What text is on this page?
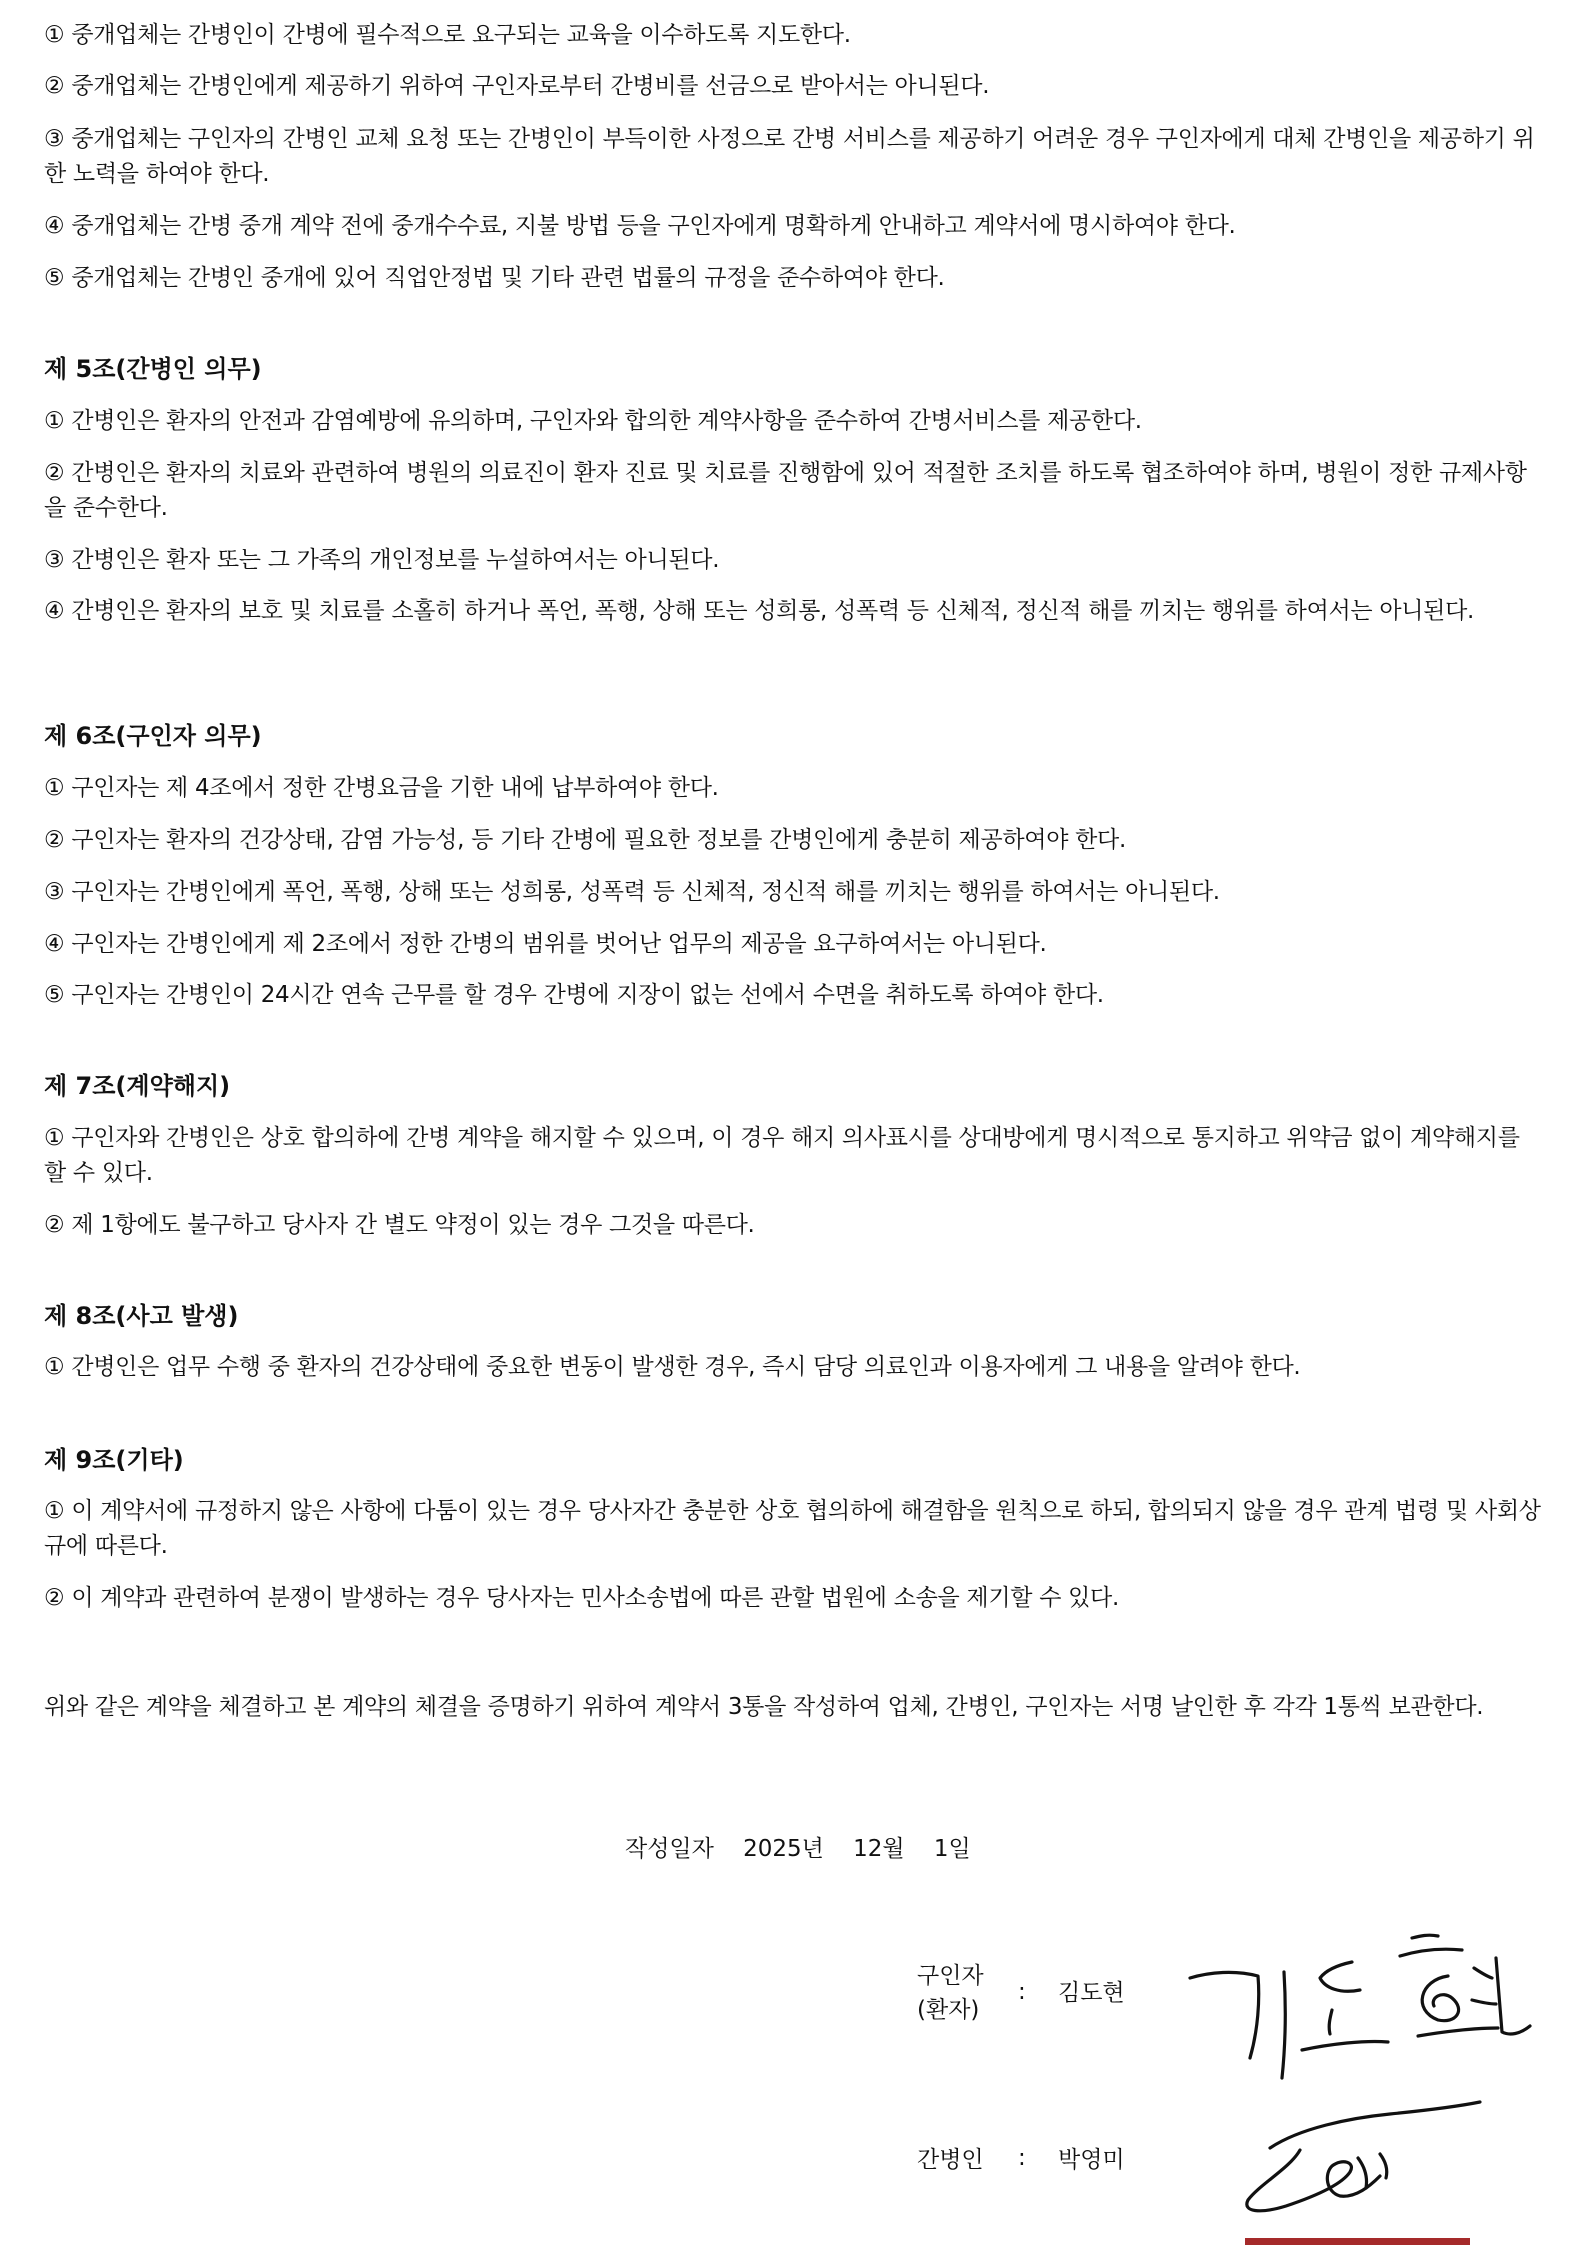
① 중개업체는 간병인이 간병에 필수적으로 요구되는 교육을 이수하도록 지도한다.

② 중개업체는 간병인에게 제공하기 위하여 구인자로부터 간병비를 선금으로 받아서는 아니된다.

③ 중개업체는 구인자의 간병인 교체 요청 또는 간병인이 부득이한 사정으로 간병 서비스를 제공하기 어려운 경우 구인자에게 대체 간병인을 제공하기 위한 노력을 하여야 한다.

④ 중개업체는 간병 중개 계약 전에 중개수수료, 지불 방법 등을 구인자에게 명확하게 안내하고 계약서에 명시하여야 한다.

⑤ 중개업체는 간병인 중개에 있어 직업안정법 및 기타 관련 법률의 규정을 준수하여야 한다.

제 5조(간병인 의무)

① 간병인은 환자의 안전과 감염예방에 유의하며, 구인자와 합의한 계약사항을 준수하여 간병서비스를 제공한다.

② 간병인은 환자의 치료와 관련하여 병원의 의료진이 환자 진료 및 치료를 진행함에 있어 적절한 조치를 하도록 협조하여야 하며, 병원이 정한 규제사항을 준수한다.

③ 간병인은 환자 또는 그 가족의 개인정보를 누설하여서는 아니된다.

④ 간병인은 환자의 보호 및 치료를 소홀히 하거나 폭언, 폭행, 상해 또는 성희롱, 성폭력 등 신체적, 정신적 해를 끼치는 행위를 하여서는 아니된다.

제 6조(구인자 의무)

① 구인자는 제 4조에서 정한 간병요금을 기한 내에 납부하여야 한다.

② 구인자는 환자의 건강상태, 감염 가능성, 등 기타 간병에 필요한 정보를 간병인에게 충분히 제공하여야 한다.

③ 구인자는 간병인에게 폭언, 폭행, 상해 또는 성희롱, 성폭력 등 신체적, 정신적 해를 끼치는 행위를 하여서는 아니된다.

④ 구인자는 간병인에게 제 2조에서 정한 간병의 범위를 벗어난 업무의 제공을 요구하여서는 아니된다.

⑤ 구인자는 간병인이 24시간 연속 근무를 할 경우 간병에 지장이 없는 선에서 수면을 취하도록 하여야 한다.

제 7조(계약해지)

① 구인자와 간병인은 상호 합의하에 간병 계약을 해지할 수 있으며, 이 경우 해지 의사표시를 상대방에게 명시적으로 통지하고 위약금 없이 계약해지를 할 수 있다.

② 제 1항에도 불구하고 당사자 간 별도 약정이 있는 경우 그것을 따른다.

제 8조(사고 발생)

① 간병인은 업무 수행 중 환자의 건강상태에 중요한 변동이 발생한 경우, 즉시 담당 의료인과 이용자에게 그 내용을 알려야 한다.

제 9조(기타)

① 이 계약서에 규정하지 않은 사항에 다툼이 있는 경우 당사자간 충분한 상호 협의하에 해결함을 원칙으로 하되, 합의되지 않을 경우 관계 법령 및 사회상규에 따른다.

② 이 계약과 관련하여 분쟁이 발생하는 경우 당사자는 민사소송법에 따른 관할 법원에 소송을 제기할 수 있다.

위와 같은 계약을 체결하고 본 계약의 체결을 증명하기 위하여 계약서 3통을 작성하여 업체, 간병인, 구인자는 서명 날인한 후 각각 1통씩 보관한다.

작성일자 2025년 12월 1일
구인자
(환자)
: 김도현
간병인 : 박영미
